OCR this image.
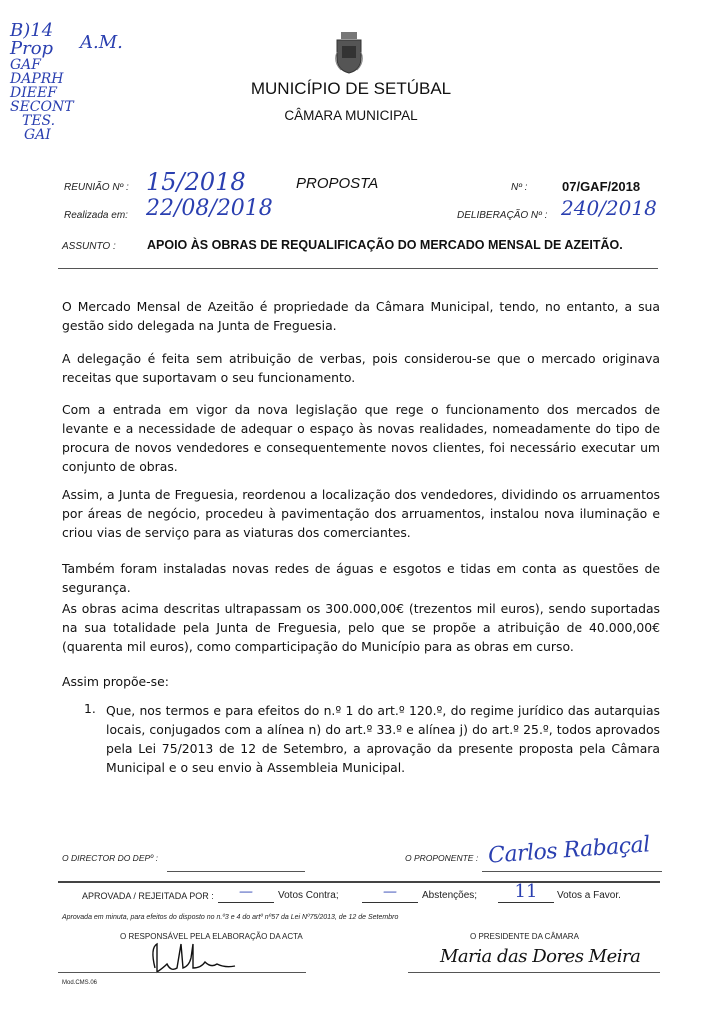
B)14
Prop A.M.
GAF
DAPRH
DIEEF
SECONT
TES.
GAI
MUNICÍPIO DE SETÚBAL
CÂMARA MUNICIPAL
REUNIÃO Nº : 15/2018	PROPOSTA	Nº :	07/GAF/2018
Realizada em: 22/08/2018	DELIBERAÇÃO Nº : 240/2018
ASSUNTO :	APOIO ÀS OBRAS DE REQUALIFICAÇÃO DO MERCADO MENSAL DE AZEITÃO.

O Mercado Mensal de Azeitão é propriedade da Câmara Municipal, tendo, no entanto, a sua gestão sido delegada na Junta de Freguesia.

A delegação é feita sem atribuição de verbas, pois considerou-se que o mercado originava receitas que suportavam o seu funcionamento.

Com a entrada em vigor da nova legislação que rege o funcionamento dos mercados de levante e a necessidade de adequar o espaço às novas realidades, nomeadamente do tipo de procura de novos vendedores e consequentemente novos clientes, foi necessário executar um conjunto de obras.

Assim, a Junta de Freguesia, reordenou a localização dos vendedores, dividindo os arruamentos por áreas de negócio, procedeu à pavimentação dos arruamentos, instalou nova iluminação e criou vias de serviço para as viaturas dos comerciantes.

Também foram instaladas novas redes de águas e esgotos e tidas em conta as questões de segurança.

As obras acima descritas ultrapassam os 300.000,00€ (trezentos mil euros), sendo suportadas na sua totalidade pela Junta de Freguesia, pelo que se propõe a atribuição de 40.000,00€ (quarenta mil euros), como comparticipação do Município para as obras em curso.

Assim propõe-se:

1. Que, nos termos e para efeitos do n.º 1 do art.º 120.º, do regime jurídico das autarquias locais, conjugados com a alínea n) do art.º 33.º e alínea j) do art.º 25.º, todos aprovados pela Lei 75/2013 de 12 de Setembro, a aprovação da presente proposta pela Câmara Municipal e o seu envio à Assembleia Municipal.

O DIRECTOR DO DEPº :	O PROPONENTE : Carlos Rabaçal
APROVADA / REJEITADA POR :	—	Votos Contra;	—	Abstenções;	11	Votos a Favor.
Aprovada em minuta, para efeitos do disposto no n.º3 e 4 do artº nº57 da Lei Nº75/2013, de 12 de Setembro
O RESPONSÁVEL PELA ELABORAÇÃO DA ACTA	O PRESIDENTE DA CÂMARA
Maria das Dores Meira
Mod.CMS.06
